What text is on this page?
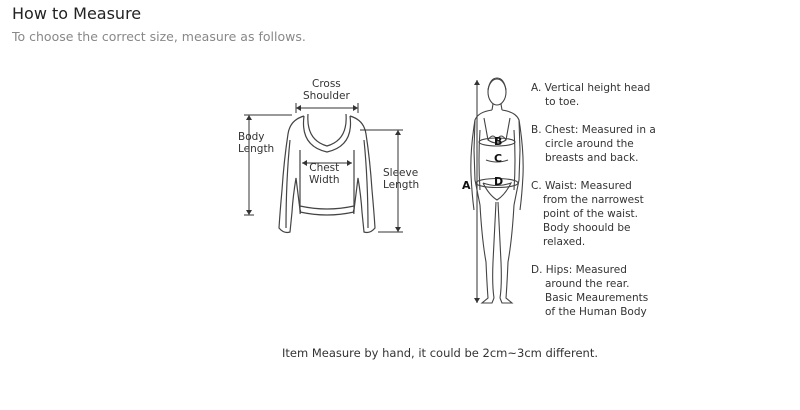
How to Measure
To choose the correct size, measure as follows.
Cross
Shoulder
Body
Length
Chest
Width
Sleeve
Length	A
B
C
D
A. Vertical height head
to toe.
B. Chest: Measured in a
circle around the
breasts and back.
C. Waist: Measured
from the narrowest
point of the waist.
Body shoould be
relaxed.
D. Hips: Measured
around the rear.
Basic Meaurements
of the Human Body
Item Measure by hand, it could be 2cm~3cm different.
